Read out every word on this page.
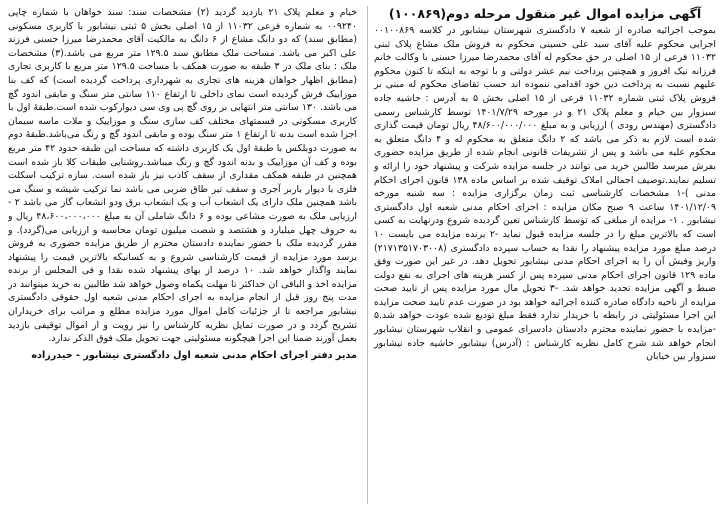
آگهی مزایده اموال غیر منقول مرحله دوم(۱۰۰۸۶۹)

بموجب اجرائیه صادره از شعبه ۷ دادگستری شهرستان نیشابور در کلاسه ۰۰۱۰۰۸۶۹ اجرایی محکوم علیه آقای سید علی حسینی محکوم به فروش ملک مشاع پلاک ثبتی ۱۱۰۳۲ فرعی از ۱۵ اصلی در حق محکوم له آقای محمدرضا میرزا حسنی با وکالت خانم فرزانه نیک افروز و همچنین پرداخت نیم عشر دولتی و با توجه به اینکه تا کنون محکوم علیهم نسبت به پرداخت دین خود اقدامی ننموده اند حسب تقاضای محکوم له مبنی بر فروش پلاک ثبتی شماره ۱۱۰۳۲ فرعی از ۱۵ اصلی بخش ۵ به آدرس : حاشیه جاده سبزوار بین خیام و معلم پلاک ۲۱ و در مورخه ۱۴۰۱/۷/۲۹ توسط کارشناس رسمی دادگستری (مهندس رودی ) ارزیابی و به مبلغ ۴۸/۶۰۰/۰۰۰/۰۰۰ ریال تومان قیمت گذاری شده است لازم به ذکر می باشد که ۲ دانگ متعلق به محکوم له و ۴ دانگ متعلق به محکوم علیه می باشد و پس از تشریفات قانونی انجام شده از طریق مزایده حضوری بفرش میرسد طالبین خرید می توانند در جلسه مزایده شرکت و پیشنهاد خود را ارائه و تسلیم نمایند.توصیف اجمالی املاک توقیف شده بر اساس ماده ۱۳۸ قانون اجرای احکام مدنی )-۱ مشخصات کارشناسی ثبت زمان برگزاری مزایده : سه شنبه مورخه ۱۴۰۱/۱۲/۰۹ ساعت ۹ صبح مکان مزایده : اجرای احکام مدنی شعبه اول دادگستری نیشابور . ۱- مزایده از مبلغی که توسط کارشناس تعین گردیده شروع ودرنهایت به کسی است که بالاترین مبلغ را در جلسه مزایده قبول نماید -۲ برنده مزایده می بایست ۱۰ درصد مبلغ مورد مزایده پیشنهاد را نقدا به حساب سپرده دادگستری (۲۱۷۱۳۵۱۷۰۳۰۰۸) واریز وفیش آن را به اجرای احکام مدنی نیشابور تحویل دهد. در غیر این صورت وفق ماده ۱۲۹ قانون اجرای احکام مدنی سپرده پس از کسر هزینه های اجرای به نفع دولت ضبط و آگهی مزایده تجدید خواهد شد. -۳ تحویل مال مورد مزایده پس از تایید صحت مزایده از ناحیه دادگاه صادره کننده اجرائیه خواهد بود در صورت عدم تایید صحت مزایده این اجرا مسئولیتی در رابطه با خریدار ندارد فقط مبلغ تودیع شده عودت خواهد شد.۵ -مزایده با حضور نماینده محترم دادستان دادسرای عمومی و انقلاب شهرستان نیشابور انجام خواهد شد شرح کامل نظریه کارشناس : (آدرس) نیشابور حاشیه جاده نیشابور سبزوار بین خیابان

خیام و معلم پلاک ۲۱ بازدید گردید (۲) مشخصات سند: سند خواهان با شماره چاپی ۰۰۹۲۴۰ به شماره فرعی ۱۱۰۳۲ از ۱۵ اصلی بخش ۵ ثبتی نیشابور با کاربری مسکونی (مطابق سند) که دو دانگ مشاع از ۶ دانگ به مالکیت آقای محمدرضا میرزا حسنی فرزند علی اکبر می باشد. مساحت ملک مطابق سند ۱۲۹.۵ متر مربع می باشد.(۳) مشخصات ملک : بنای ملک در ۳ طبقه به صورت همکف با مساحت ۱۲۹.۵ متر مربع با کاربری تجاری (مطابق اظهار خواهان هزینه های تجاری به شهرداری پرداخت گردیده است) که کف بنا موزاییک فرش گردیده است نمای داخلی تا ارتفاع ۱۱۰ سانتی متر سنگ و مابقی اندود گچ می باشد. ۱۳۰ سانتی متر انتهایی بر روی گچ پی وی سی دیوارکوب شده است.طبقهٔ اول با کاربری مسکونی در قسمتهای مختلف کف سازی سنگ و موزاییک و ملات ماسه سیمان اجرا شده است بدنه تا ارتفاع ۱ متر سنگ بوده و مابقی اندود گچ و رنگ می‌باشد.طبقهٔ دوم به صورت دوبلکس با طبقهٔ اول یک کاربری داشته که مساحت این طبقه حدود ۴۲ متر مربع بوده و کف آن موزاییک و بدنه اندود گچ و رنگ میباشد.روشنایی طبقات کلا باز شده است همچنین در طبقه همکف مقداری از سقف کاذب نیز باز شده است. سازه ترکیب اسکلت فلزی با دیوار باربر آجری و سقف تیر طاق ضربی می باشد نما ترکیب شیشه و سنگ می باشد همچنین ملک دارای یک انشعاب آب و یک انشعاب برق ودو انشعاب گاز می باشد ۲ - ارزیابی ملک به صورت مشاعی بوده و ۶ دانگ شاملی آن به مبلغ ۴۸،۶۰۰،۰۰۰،۰۰۰ ریال و به حروف چهل میلیارد و هشتصد و شصت میلیون تومان محاسبه و ارزیابی می(گردد). و مقرر گردیده ملک با حضور نماینده دادستان محترم از طریق مزایده حضوری به فروش برسد مورد مزایده از قیمت کارشناسی شروع و به کسانیکه بالاترین قیمت را پیشنهاد نمایند واگذار خواهد شد. ۱۰ درصد از بهای پیشنهاد شده نقدا و فی المجلس از برنده مزایده اخذ و الباقی ان حداکثر تا مهلت یکماه وصول خواهد شد طالبین به خرید میتوانند در مدت پنج روز قبل از انجام مزایده به اجرای احکام مدنی شعبه اول حقوقی دادگستری نیشابور مراجعه تا از جزئیات کامل اموال مورد مزایده مطلع و مراتب برای خریداران تشریح گردد و در صورت تمایل نظریه کارشناس را نیز رویت و از اموال توقیفی بازدید بعمل آورند ضمنا این اجرا هیچگونه مسئولیتی جهت تحویل ملک فوق الذکر ندارد.

مدیر دفتر اجرای احکام مدنی شعبه اول دادگستری نیشابور - حیدرزاده
